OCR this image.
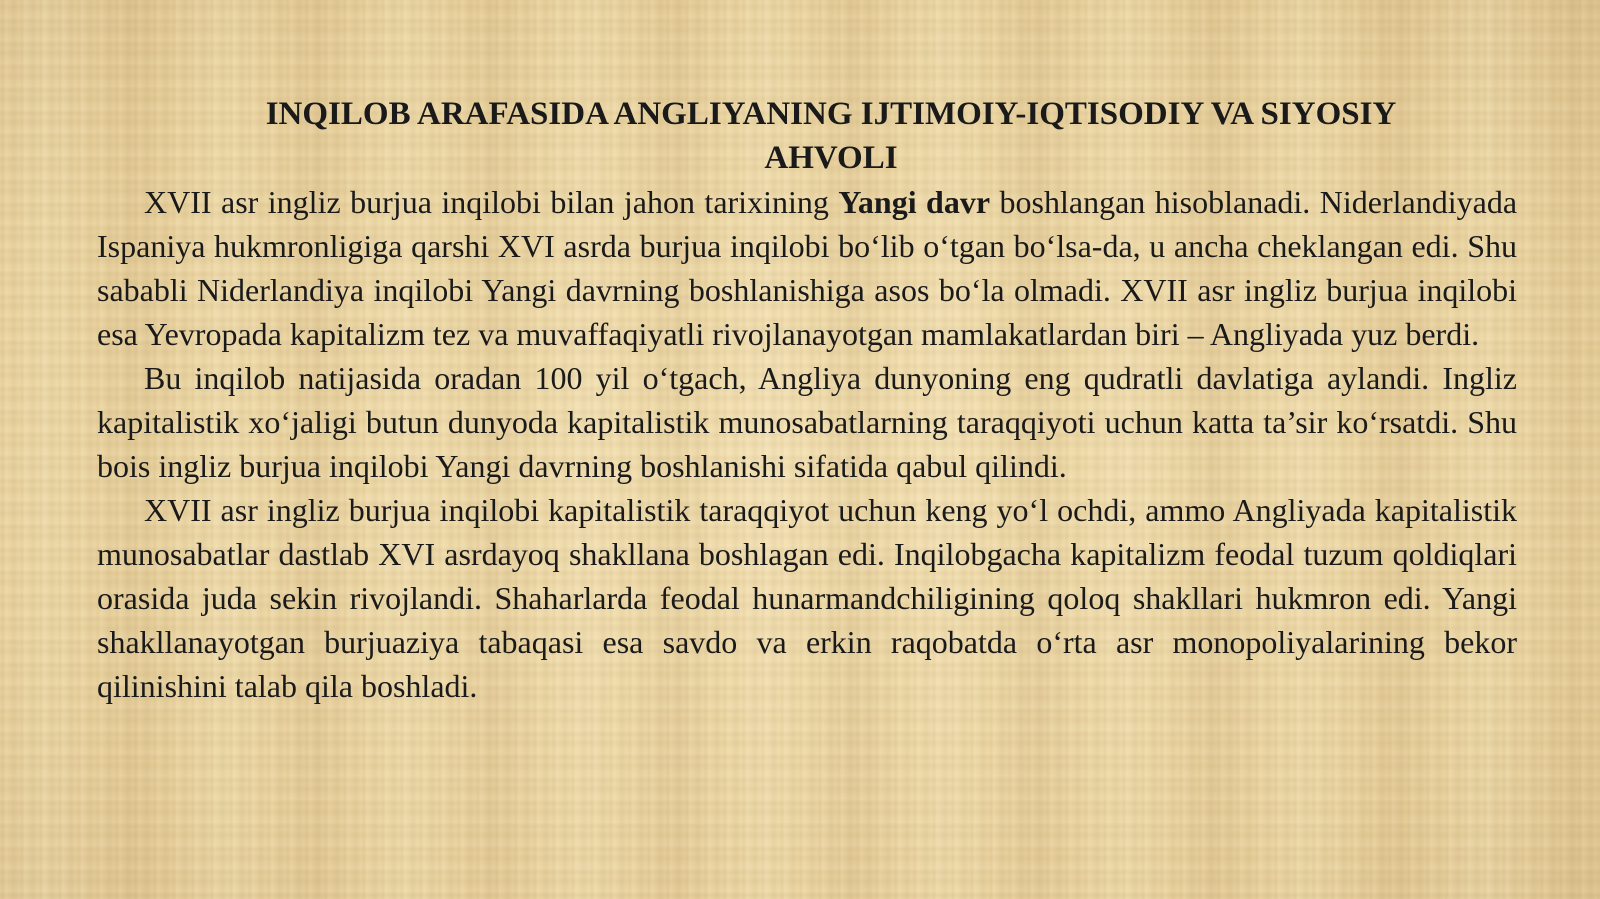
INQILOB ARAFASIDA ANGLIYANING IJTIMOIY-IQTISODIY VA SIYOSIY
AHVOLI

XVII asr ingliz burjua inqilobi bilan jahon tarixining Yangi davr boshlangan hisoblanadi. Niderlandiyada Ispaniya hukmronligiga qarshi XVI asrda burjua inqilobi bo‘lib o‘tgan bo‘lsa-da, u ancha cheklangan edi. Shu sababli Niderlandiya inqilobi Yangi davrning boshlanishiga asos bo‘la olmadi. XVII asr ingliz burjua inqilobi esa Yevropada kapitalizm tez va muvaffaqiyatli rivojlanayotgan mamlakatlardan biri – Angliyada yuz berdi.

Bu inqilob natijasida oradan 100 yil o‘tgach, Angliya dunyoning eng qudratli davlatiga aylandi. Ingliz kapitalistik xo‘jaligi butun dunyoda kapitalistik munosabatlarning taraqqiyoti uchun katta ta’sir ko‘rsatdi. Shu bois ingliz burjua inqilobi Yangi davrning boshlanishi sifatida qabul qilindi.

XVII asr ingliz burjua inqilobi kapitalistik taraqqiyot uchun keng yo‘l ochdi, ammo Angliyada kapitalistik munosabatlar dastlab XVI asrdayoq shakllana boshlagan edi. Inqilobgacha kapitalizm feodal tuzum qoldiqlari orasida juda sekin rivojlandi. Shaharlarda feodal hunarmandchiligining qoloq shakllari hukmron edi. Yangi shakllanayotgan burjuaziya tabaqasi esa savdo va erkin raqobatda o‘rta asr monopoliyalarining bekor qilinishini talab qila boshladi.
